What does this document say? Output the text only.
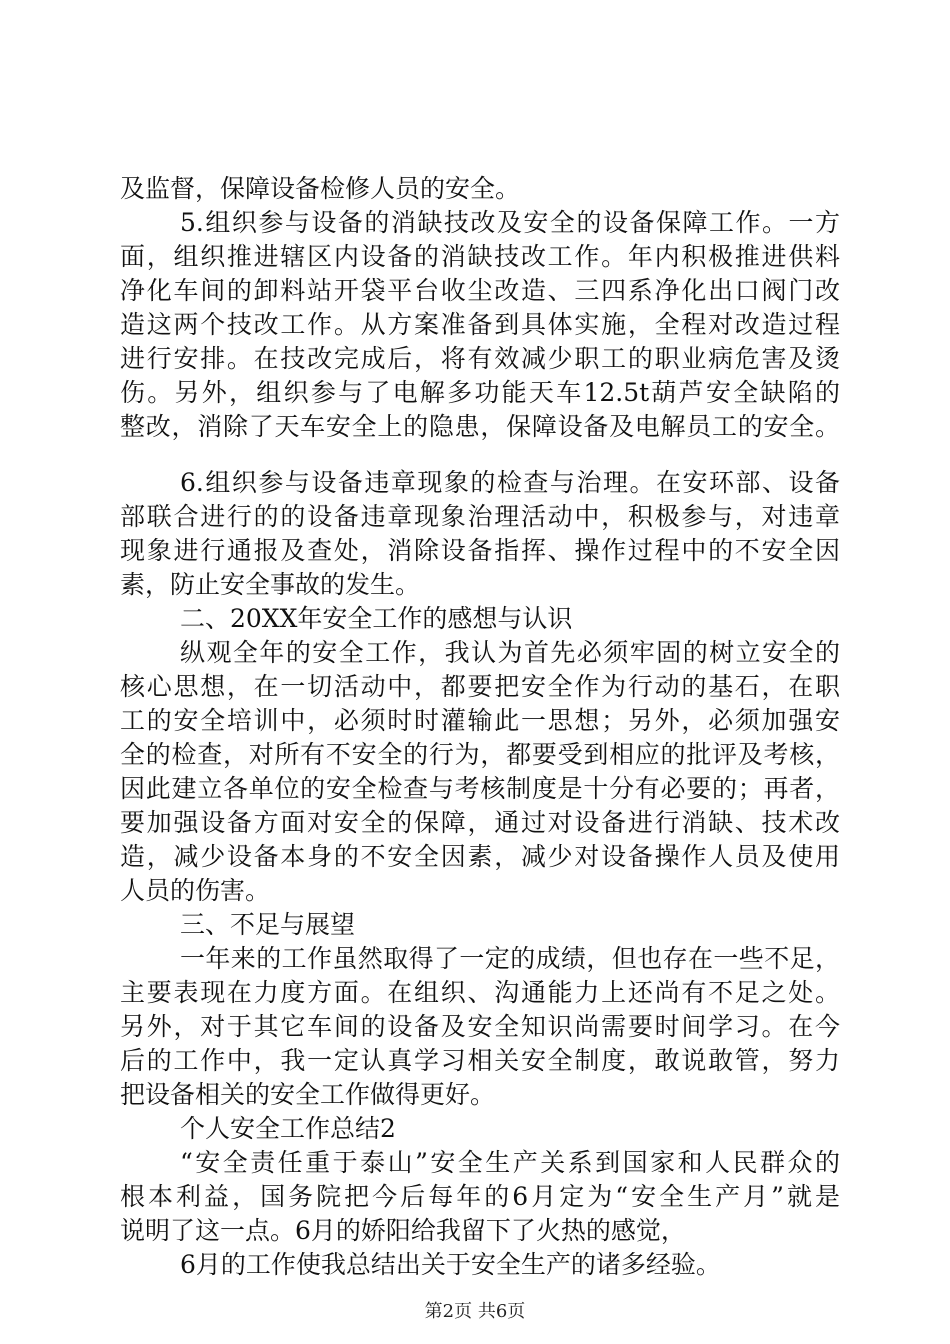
及监督，保障设备检修人员的安全。
5.组织参与设备的消缺技改及安全的设备保障工作。一方
面，组织推进辖区内设备的消缺技改工作。年内积极推进供料
净化车间的卸料站开袋平台收尘改造、三四系净化出口阀门改
造这两个技改工作。从方案准备到具体实施，全程对改造过程
进行安排。在技改完成后，将有效减少职工的职业病危害及烫
伤。另外，组织参与了电解多功能天车12.5t葫芦安全缺陷的
整改，消除了天车安全上的隐患，保障设备及电解员工的安全。
6.组织参与设备违章现象的检查与治理。在安环部、设备
部联合进行的的设备违章现象治理活动中，积极参与，对违章
现象进行通报及查处，消除设备指挥、操作过程中的不安全因
素，防止安全事故的发生。
二、20XX年安全工作的感想与认识
纵观全年的安全工作，我认为首先必须牢固的树立安全的
核心思想，在一切活动中，都要把安全作为行动的基石，在职
工的安全培训中，必须时时灌输此一思想；另外，必须加强安
全的检查，对所有不安全的行为，都要受到相应的批评及考核，
因此建立各单位的安全检查与考核制度是十分有必要的；再者，
要加强设备方面对安全的保障，通过对设备进行消缺、技术改
造，减少设备本身的不安全因素，减少对设备操作人员及使用
人员的伤害。
三、不足与展望
一年来的工作虽然取得了一定的成绩，但也存在一些不足，
主要表现在力度方面。在组织、沟通能力上还尚有不足之处。
另外，对于其它车间的设备及安全知识尚需要时间学习。在今
后的工作中，我一定认真学习相关安全制度，敢说敢管，努力
把设备相关的安全工作做得更好。
个人安全工作总结2
“安全责任重于泰山”安全生产关系到国家和人民群众的
根本利益，国务院把今后每年的6月定为“安全生产月”就是
说明了这一点。6月的娇阳给我留下了火热的感觉，
6月的工作使我总结出关于安全生产的诸多经验。
第2页 共6页
